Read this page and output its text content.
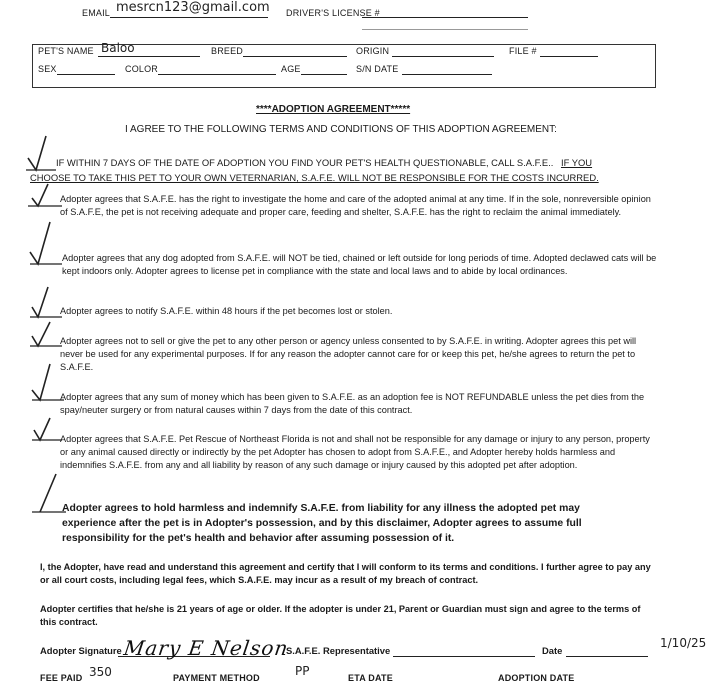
EMAIL mesrcn123@gmail.com DRIVER'S LICENSE #
PET'S NAME Baloo	BREED	ORIGIN	FILE #
SEX	COLOR	AGE	S/N DATE
****ADOPTION AGREEMENT*****
I AGREE TO THE FOLLOWING TERMS AND CONDITIONS OF THIS ADOPTION AGREEMENT:
IF WITHIN 7 DAYS OF THE DATE OF ADOPTION YOU FIND YOUR PET'S HEALTH QUESTIONABLE, CALL S.A.F.E.. IF YOU
CHOOSE TO TAKE THIS PET TO YOUR OWN VETERNARIAN, S.A.F.E. WILL NOT BE RESPONSIBLE FOR THE COSTS INCURRED.
Adopter agrees that S.A.F.E. has the right to investigate the home and care of the adopted animal at any time. If in the sole, nonreversible opinion of S.A.F.E, the pet is not receiving adequate and proper care, feeding and shelter, S.A.F.E. has the right to reclaim the animal immediately.
Adopter agrees that any dog adopted from S.A.F.E. will NOT be tied, chained or left outside for long periods of time. Adopted declawed cats will be kept indoors only. Adopter agrees to license pet in compliance with the state and local laws and to abide by local ordinances.
Adopter agrees to notify S.A.F.E. within 48 hours if the pet becomes lost or stolen.
Adopter agrees not to sell or give the pet to any other person or agency unless consented to by S.A.F.E. in writing. Adopter agrees this pet will never be used for any experimental purposes. If for any reason the adopter cannot care for or keep this pet, he/she agrees to return the pet to S.A.F.E.
Adopter agrees that any sum of money which has been given to S.A.F.E. as an adoption fee is NOT REFUNDABLE unless the pet dies from the spay/neuter surgery or from natural causes within 7 days from the date of this contract.
Adopter agrees that S.A.F.E. Pet Rescue of Northeast Florida is not and shall not be responsible for any damage or injury to any person, property or any animal caused directly or indirectly by the pet Adopter has chosen to adopt from S.A.F.E., and Adopter hereby holds harmless and indemnifies S.A.F.E. from any and all liability by reason of any such damage or injury caused by this adopted pet after adoption.
Adopter agrees to hold harmless and indemnify S.A.F.E. from liability for any illness the adopted pet may experience after the pet is in Adopter's possession, and by this disclaimer, Adopter agrees to assume full responsibility for the pet's health and behavior after assuming possession of it.
I, the Adopter, have read and understand this agreement and certify that I will conform to its terms and conditions. I further agree to pay any or all court costs, including legal fees, which S.A.F.E. may incur as a result of my breach of contract.
Adopter certifies that he/she is 21 years of age or older. If the adopter is under 21, Parent or Guardian must sign and agree to the terms of this contract.
Adopter Signature Mary E Nelson
S.A.F.E. Representative	Date
1/10/25
FEE PAID 350	PAYMENT METHOD	PP	ETA DATE	ADOPTION DATE
